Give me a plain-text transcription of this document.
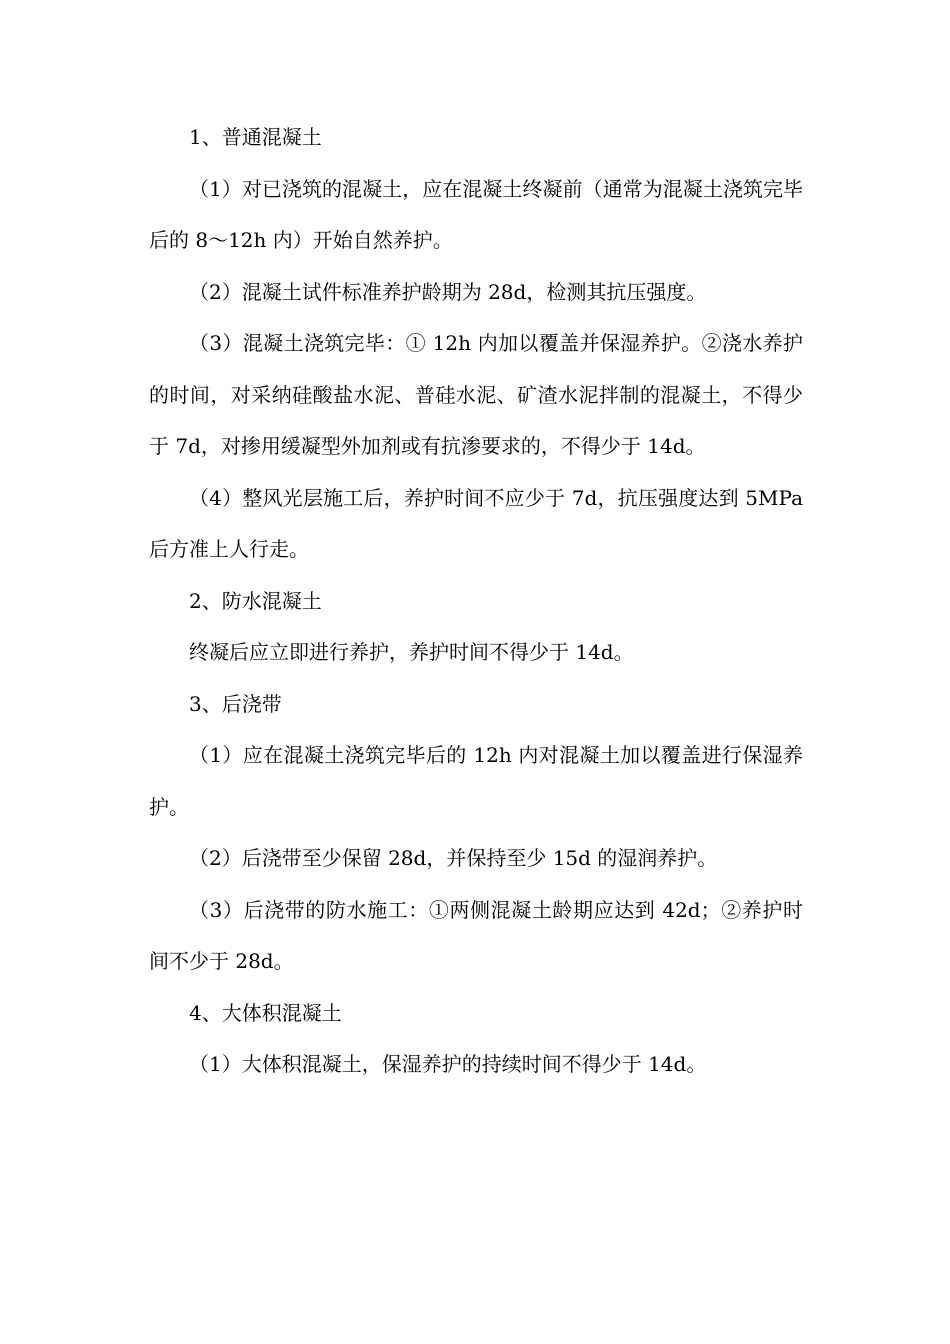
1、普通混凝土

（1）对已浇筑的混凝土，应在混凝土终凝前（通常为混凝土浇筑完毕后的 8～12h 内）开始自然养护。

（2）混凝土试件标准养护龄期为 28d，检测其抗压强度。

（3）混凝土浇筑完毕：① 12h 内加以覆盖并保湿养护。②浇水养护的时间，对采纳硅酸盐水泥、普硅水泥、矿渣水泥拌制的混凝土，不得少于 7d，对掺用缓凝型外加剂或有抗渗要求的，不得少于 14d。

（4）整风光层施工后，养护时间不应少于 7d，抗压强度达到 5MPa 后方准上人行走。

2、防水混凝土

终凝后应立即进行养护，养护时间不得少于 14d。

3、后浇带

（1）应在混凝土浇筑完毕后的 12h 内对混凝土加以覆盖进行保湿养护。

（2）后浇带至少保留 28d，并保持至少 15d 的湿润养护。

（3）后浇带的防水施工：①两侧混凝土龄期应达到 42d；②养护时间不少于 28d。

4、大体积混凝土

（1）大体积混凝土，保湿养护的持续时间不得少于 14d。
